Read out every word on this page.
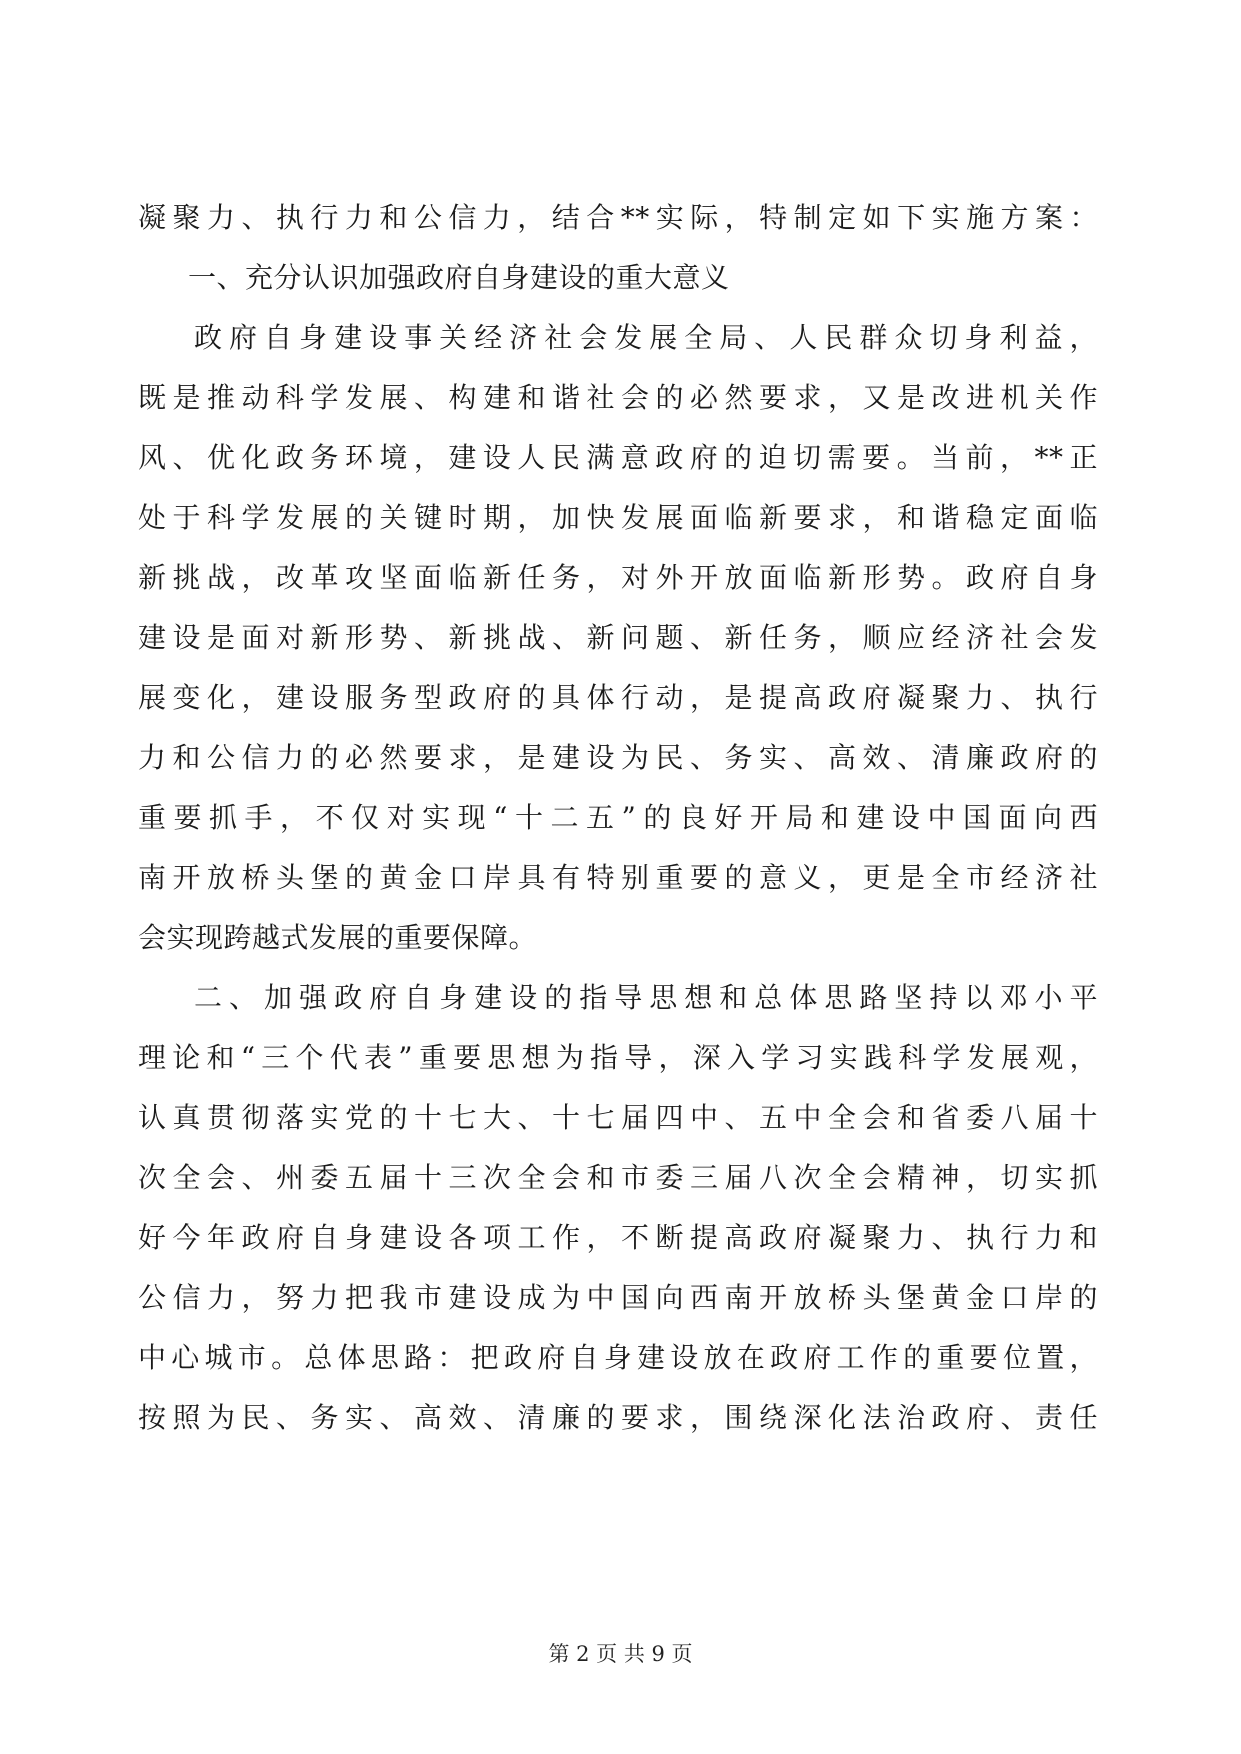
凝聚力、执行力和公信力，结合**实际，特制定如下实施方案：
一、充分认识加强政府自身建设的重大意义
政府自身建设事关经济社会发展全局、人民群众切身利益，
既是推动科学发展、构建和谐社会的必然要求，又是改进机关作
风、优化政务环境，建设人民满意政府的迫切需要。当前，**正
处于科学发展的关键时期，加快发展面临新要求，和谐稳定面临
新挑战，改革攻坚面临新任务，对外开放面临新形势。政府自身
建设是面对新形势、新挑战、新问题、新任务，顺应经济社会发
展变化，建设服务型政府的具体行动，是提高政府凝聚力、执行
力和公信力的必然要求，是建设为民、务实、高效、清廉政府的
重要抓手，不仅对实现“十二五”的良好开局和建设中国面向西
南开放桥头堡的黄金口岸具有特别重要的意义，更是全市经济社
会实现跨越式发展的重要保障。
二、加强政府自身建设的指导思想和总体思路坚持以邓小平
理论和“三个代表”重要思想为指导，深入学习实践科学发展观，
认真贯彻落实党的十七大、十七届四中、五中全会和省委八届十
次全会、州委五届十三次全会和市委三届八次全会精神，切实抓
好今年政府自身建设各项工作，不断提高政府凝聚力、执行力和
公信力，努力把我市建设成为中国向西南开放桥头堡黄金口岸的
中心城市。总体思路：把政府自身建设放在政府工作的重要位置，
按照为民、务实、高效、清廉的要求，围绕深化法治政府、责任
第 2 页 共 9 页
